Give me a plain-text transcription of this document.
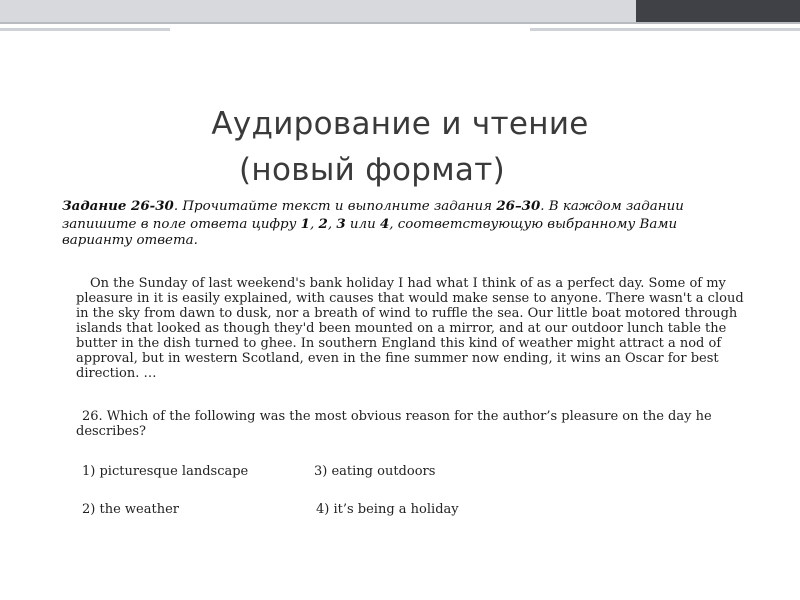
Аудирование и чтение
(новый формат)
Задание 26-30. Прочитайте текст и выполните задания 26–30. В каждом задании запишите в поле ответа цифру 1, 2, 3 или 4, соответствующую выбранному Вами варианту ответа.
On the Sunday of last weekend's bank holiday I had what I think of as a perfect day. Some of my pleasure in it is easily explained, with causes that would make sense to anyone. There wasn't a cloud in the sky from dawn to dusk, nor a breath of wind to ruffle the sea. Our little boat motored through islands that looked as though they'd been mounted on a mirror, and at our outdoor lunch table the butter in the dish turned to ghee. In southern England this kind of weather might attract a nod of approval, but in western Scotland, even in the fine summer now ending, it wins an Oscar for best direction. …
26. Which of the following was the most obvious reason for the author’s pleasure on the day he describes?
1) picturesque landscape	3) eating outdoors
2) the weather	4) it’s being a holiday
